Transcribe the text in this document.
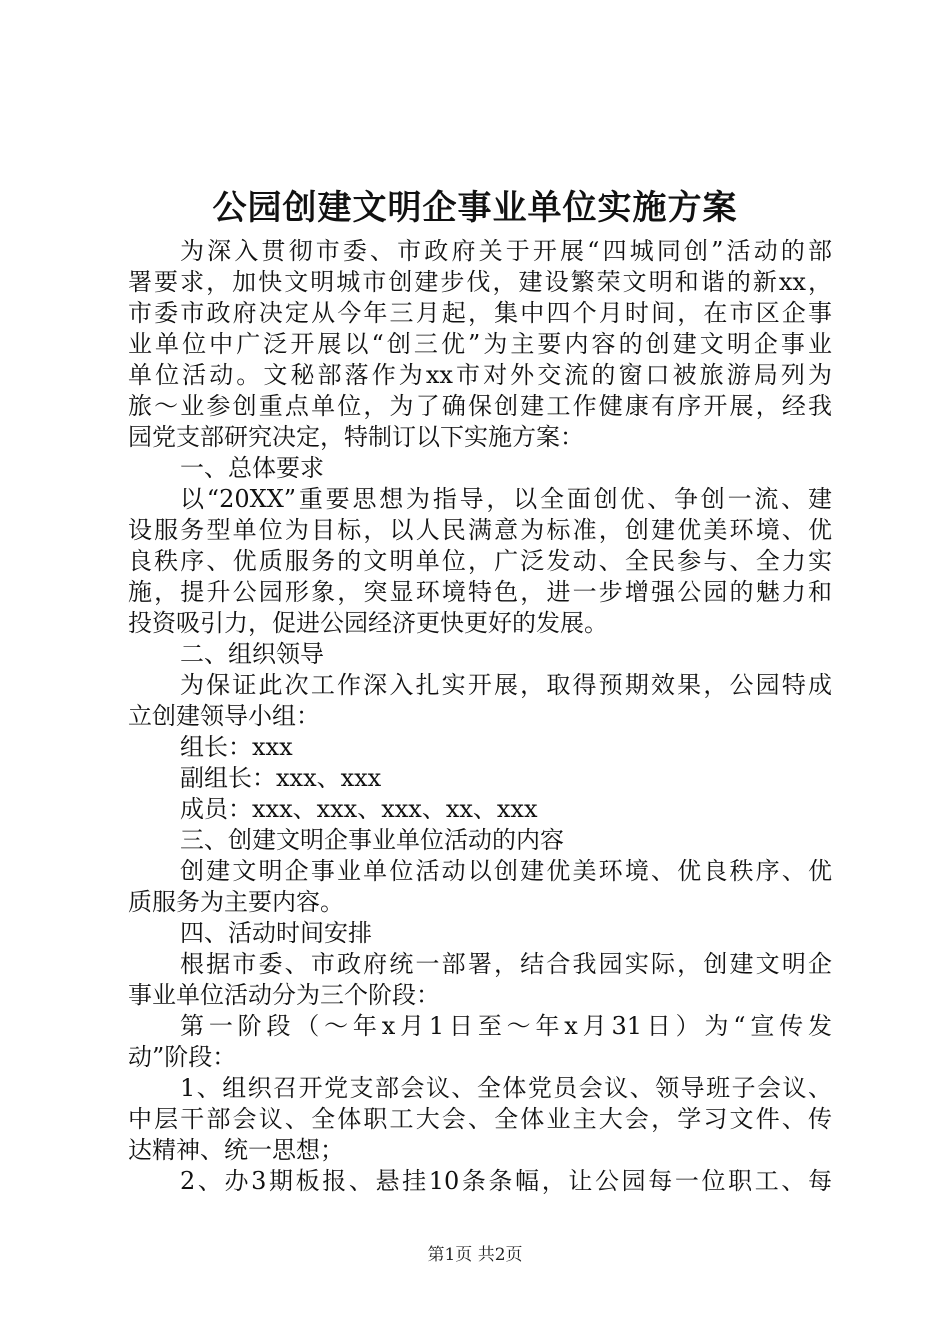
公园创建文明企事业单位实施方案
为深入贯彻市委、市政府关于开展“四城同创”活动的部
署要求，加快文明城市创建步伐，建设繁荣文明和谐的新xx，
市委市政府决定从今年三月起，集中四个月时间，在市区企事
业单位中广泛开展以“创三优”为主要内容的创建文明企事业
单位活动。文秘部落作为xx市对外交流的窗口被旅游局列为
旅～业参创重点单位，为了确保创建工作健康有序开展，经我
园党支部研究决定，特制订以下实施方案：
一、总体要求
以“20XX”重要思想为指导，以全面创优、争创一流、建
设服务型单位为目标，以人民满意为标准，创建优美环境、优
良秩序、优质服务的文明单位，广泛发动、全民参与、全力实
施，提升公园形象，突显环境特色，进一步增强公园的魅力和
投资吸引力，促进公园经济更快更好的发展。
二、组织领导
为保证此次工作深入扎实开展，取得预期效果，公园特成
立创建领导小组：
组长：xxx
副组长：xxx、xxx
成员：xxx、xxx、xxx、xx、xxx
三、创建文明企事业单位活动的内容
创建文明企事业单位活动以创建优美环境、优良秩序、优
质服务为主要内容。
四、活动时间安排
根据市委、市政府统一部署，结合我园实际，创建文明企
事业单位活动分为三个阶段：
第一阶段（～年x月1日至～年x月31日）为“宣传发
动”阶段：
1、组织召开党支部会议、全体党员会议、领导班子会议、
中层干部会议、全体职工大会、全体业主大会，学习文件、传
达精神、统一思想；
2、办3期板报、悬挂10条条幅，让公园每一位职工、每
第1页 共2页
